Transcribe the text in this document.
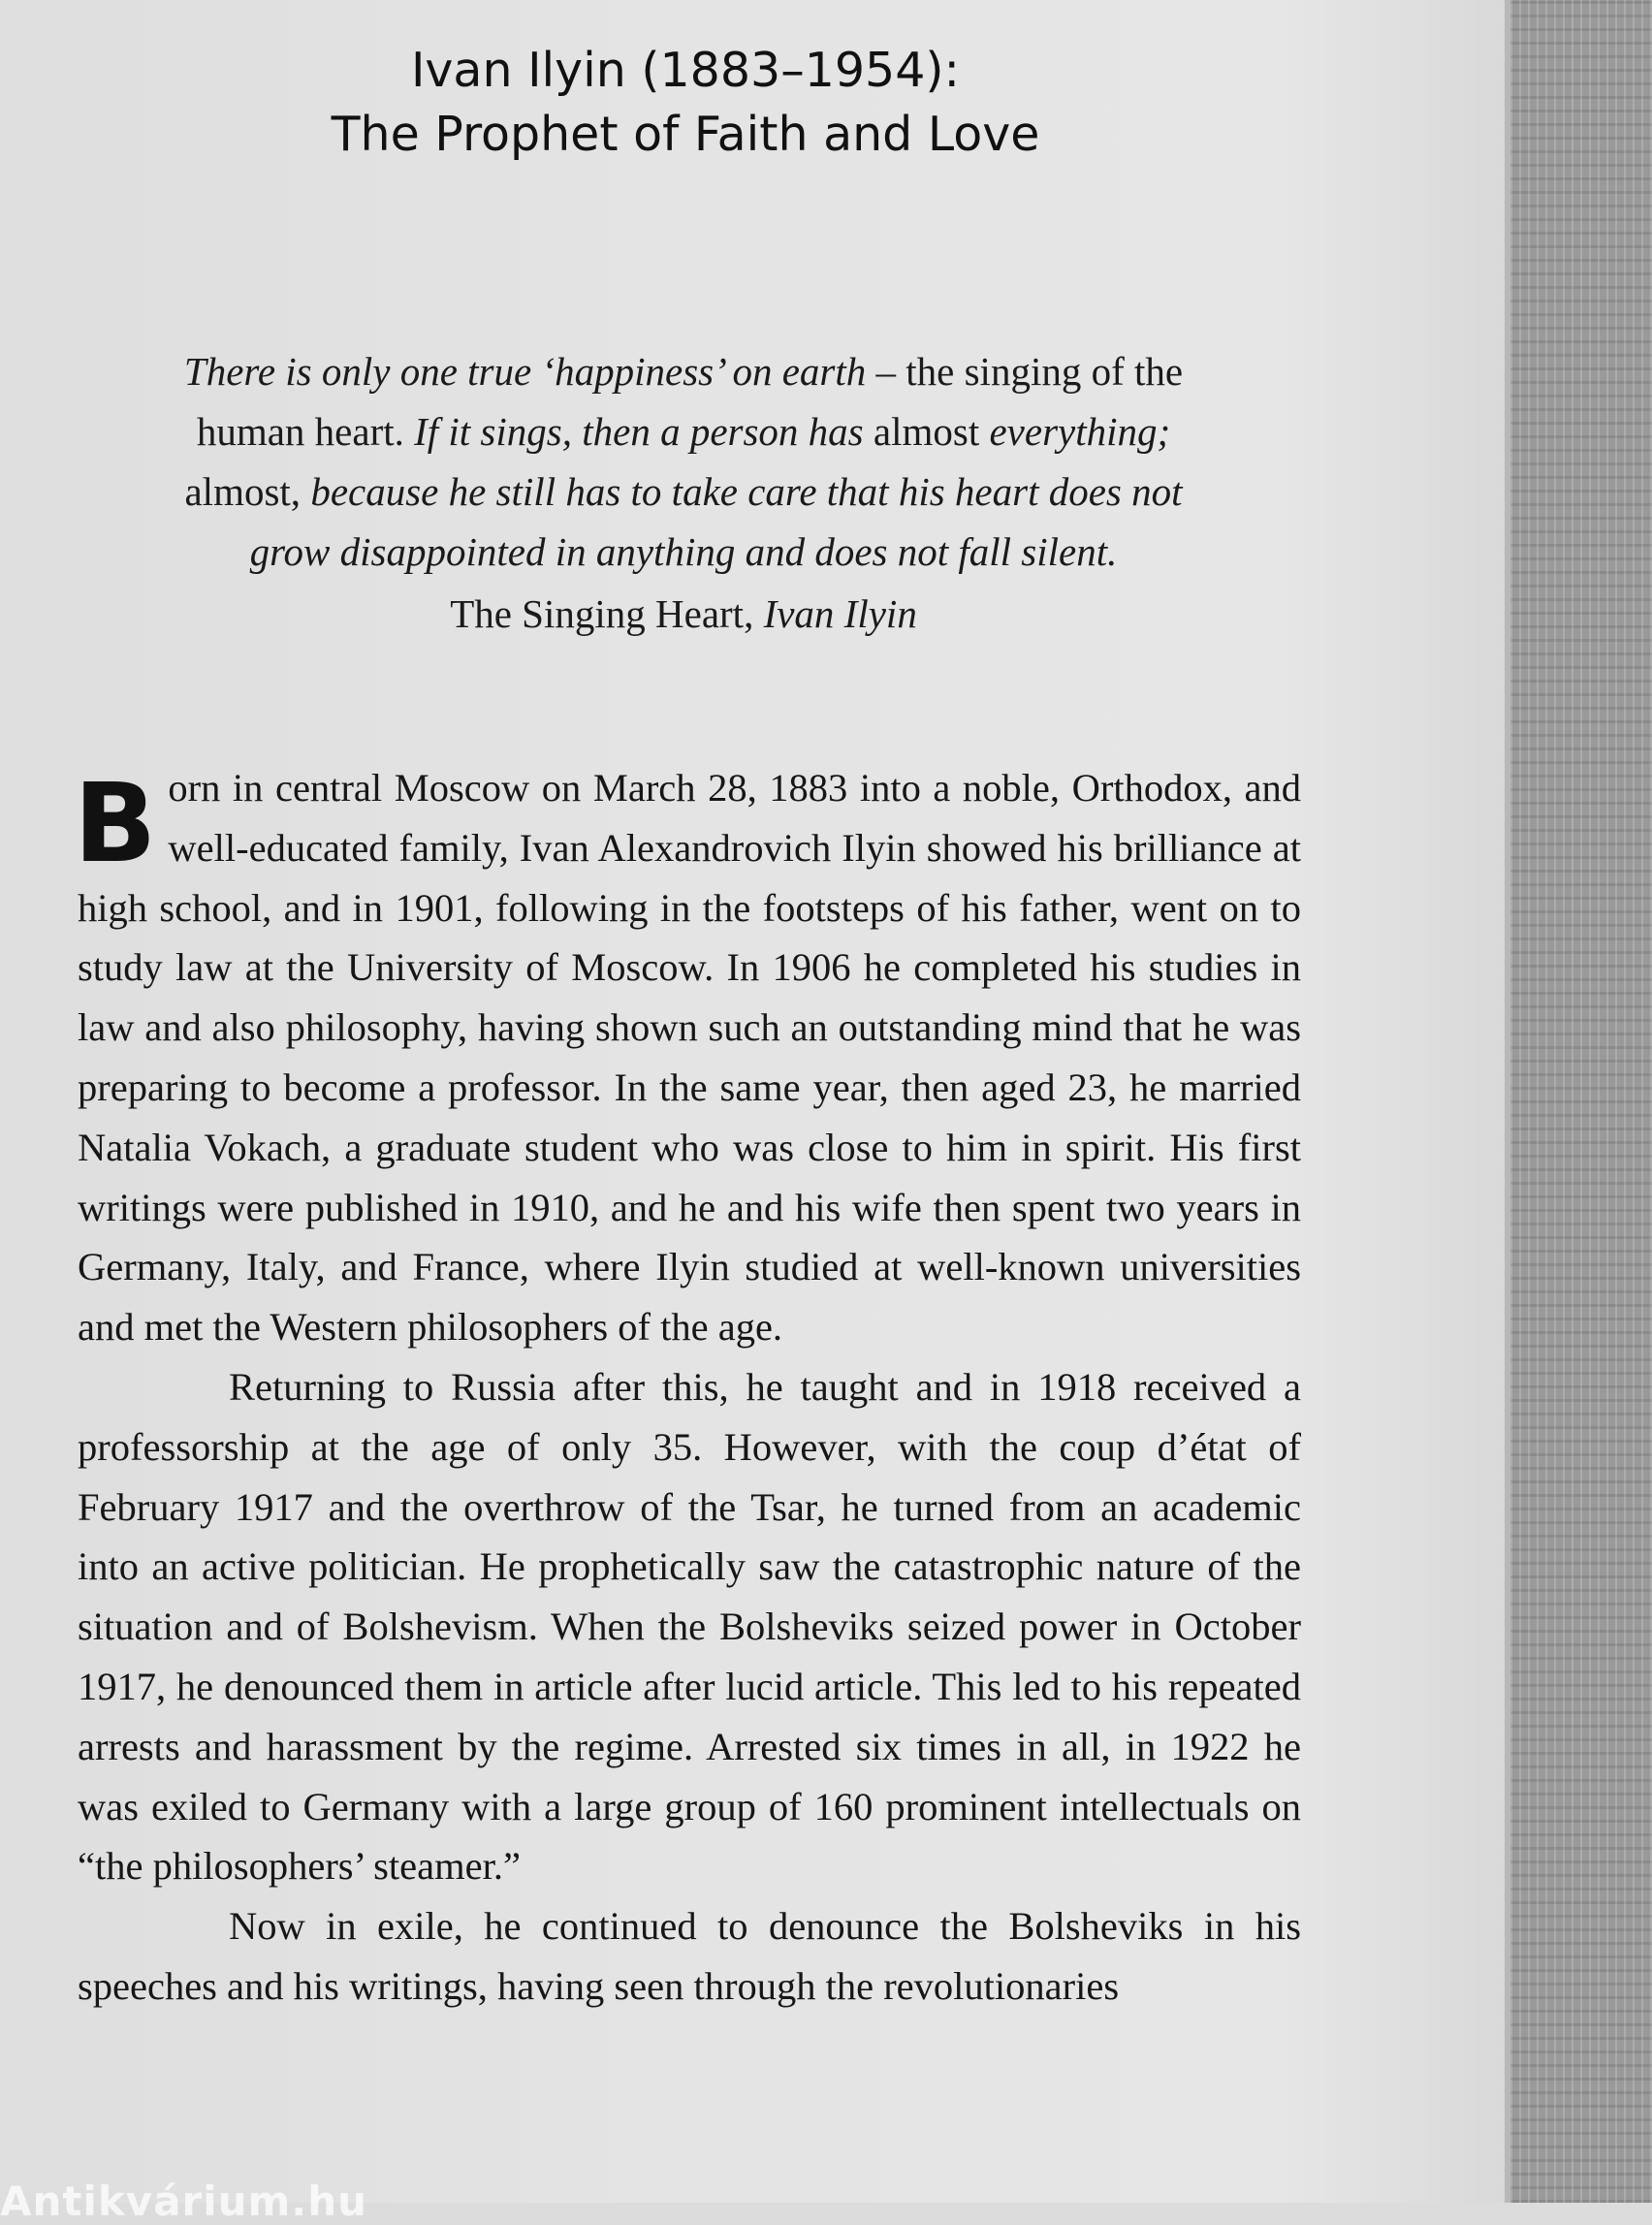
Ivan Ilyin (1883–1954):
The Prophet of Faith and Love
There is only one true ‘happiness’ on earth – the singing of the
human heart. If it sings, then a person has almost everything;
almost, because he still has to take care that his heart does not
grow disappointed in anything and does not fall silent.
The Singing Heart, Ivan Ilyin

Born in central Moscow on March 28, 1883 into a noble, Orthodox, and well-educated family, Ivan Alexandrovich Ilyin showed his brilliance at high school, and in 1901, following in the footsteps of his father, went on to study law at the University of Moscow. In 1906 he completed his studies in law and also philosophy, having shown such an outstanding mind that he was preparing to become a professor. In the same year, then aged 23, he married Natalia Vokach, a graduate student who was close to him in spirit. His first writings were published in 1910, and he and his wife then spent two years in Germany, Italy, and France, where Ilyin studied at well-known universities and met the Western philosophers of the age.

Returning to Russia after this, he taught and in 1918 received a professorship at the age of only 35. However, with the coup d’état of February 1917 and the overthrow of the Tsar, he turned from an academic into an active politician. He prophetically saw the catastrophic nature of the situation and of Bolshevism. When the Bolsheviks seized power in October 1917, he denounced them in article after lucid article. This led to his repeated arrests and harassment by the regime. Arrested six times in all, in 1922 he was exiled to Germany with a large group of 160 prominent intellectuals on “the philosophers’ steamer.”

Now in exile, he continued to denounce the Bolsheviks in his speeches and his writings, having seen through the revolutionaries

Antikvárium.hu
